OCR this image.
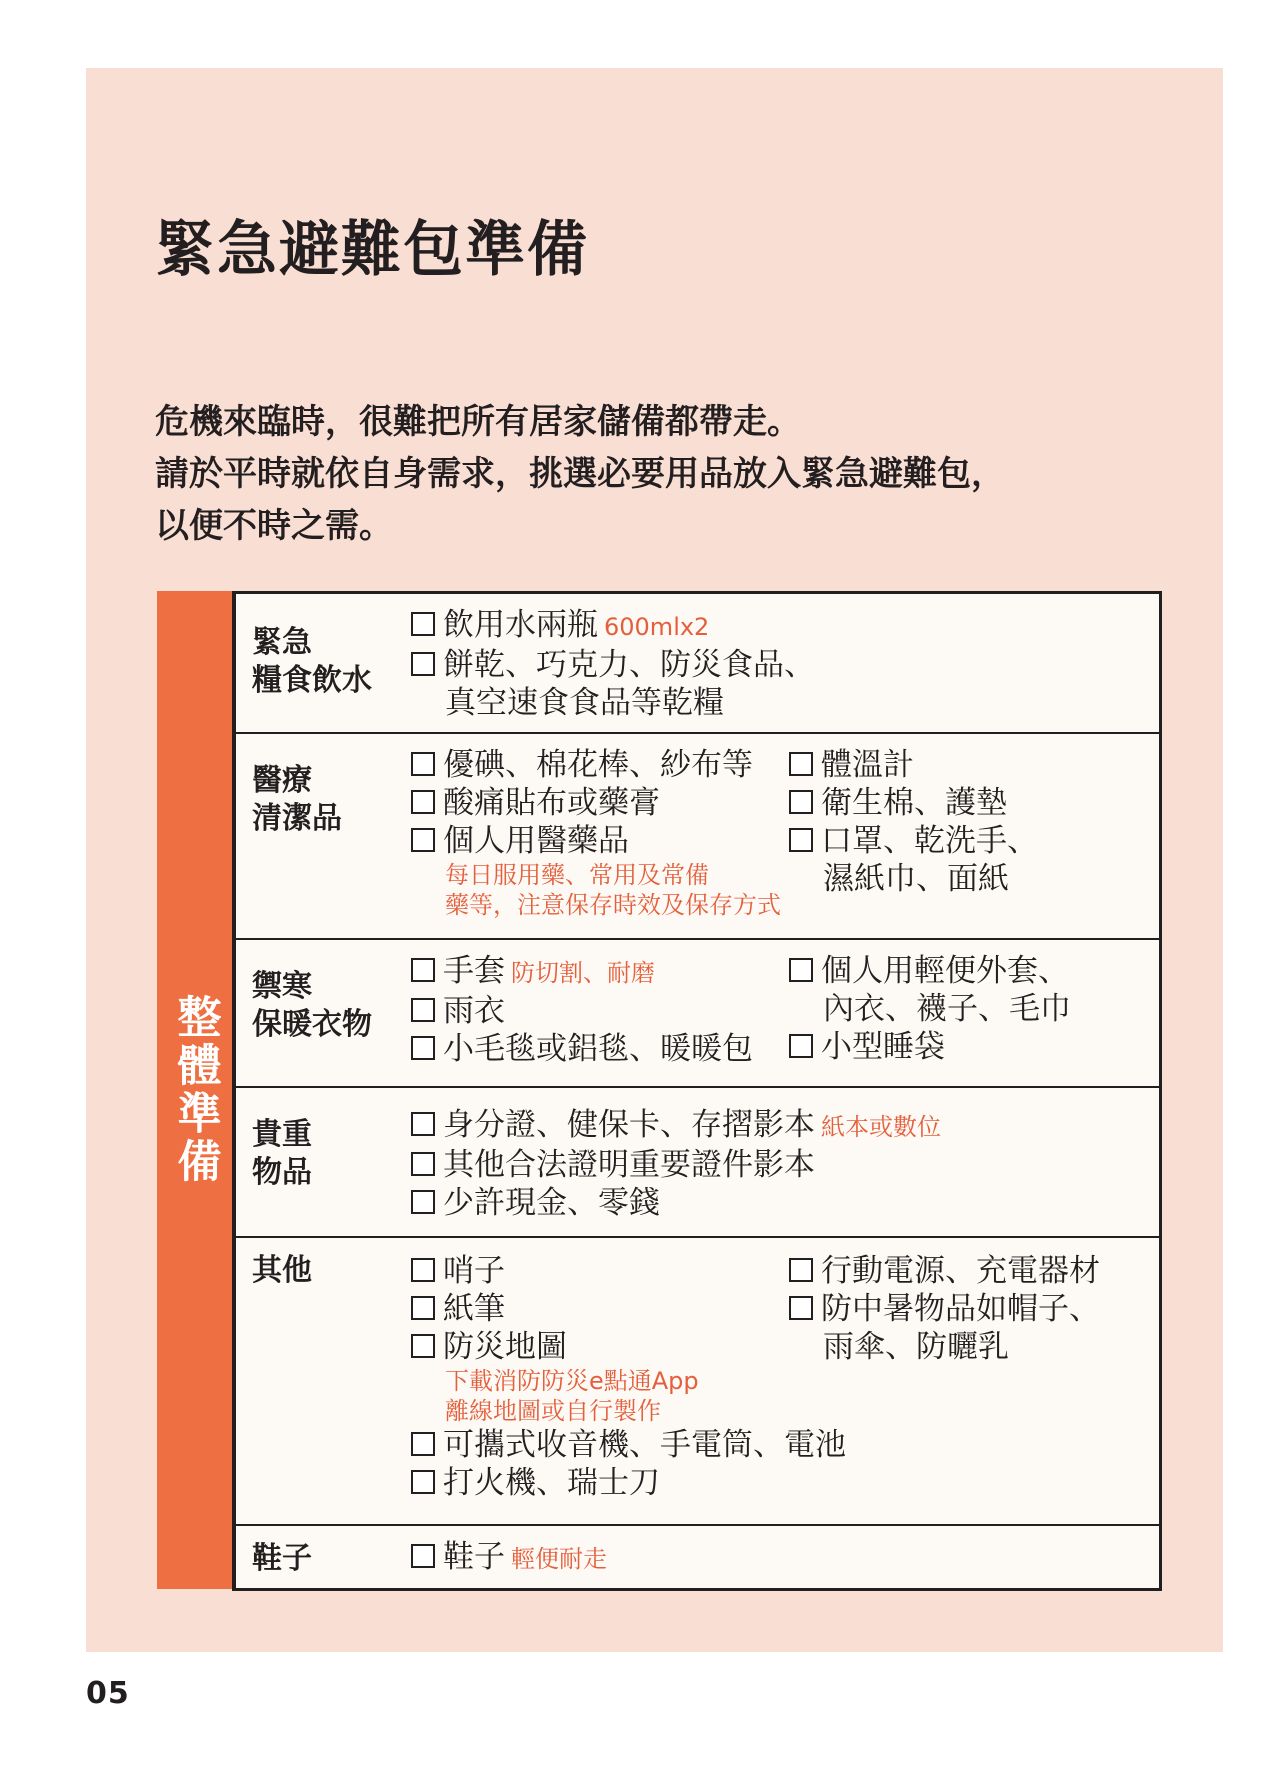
緊急避難包準備
危機來臨時，很難把所有居家儲備都帶走。
請於平時就依自身需求，挑選必要用品放入緊急避難包，
以便不時之需。
整體準備
緊急
糧食飲水
飲用水兩瓶 600mlx2
餅乾、巧克力、防災食品、
真空速食食品等乾糧
醫療
清潔品
優碘、棉花棒、紗布等
酸痛貼布或藥膏
個人用醫藥品
每日服用藥、常用及常備
藥等，注意保存時效及保存方式
體溫計
衛生棉、護墊
口罩、乾洗手、
濕紙巾、面紙
禦寒
保暖衣物
手套 防切割、耐磨
雨衣
小毛毯或鋁毯、暖暖包
個人用輕便外套、
內衣、襪子、毛巾
小型睡袋
貴重
物品
身分證、健保卡、存摺影本 紙本或數位
其他合法證明重要證件影本
少許現金、零錢
其他	哨子
紙筆
防災地圖
下載消防防災e點通App
離線地圖或自行製作
可攜式收音機、手電筒、電池
打火機、瑞士刀
行動電源、充電器材
防中暑物品如帽子、
雨傘、防曬乳
鞋子	鞋子 輕便耐走

05
